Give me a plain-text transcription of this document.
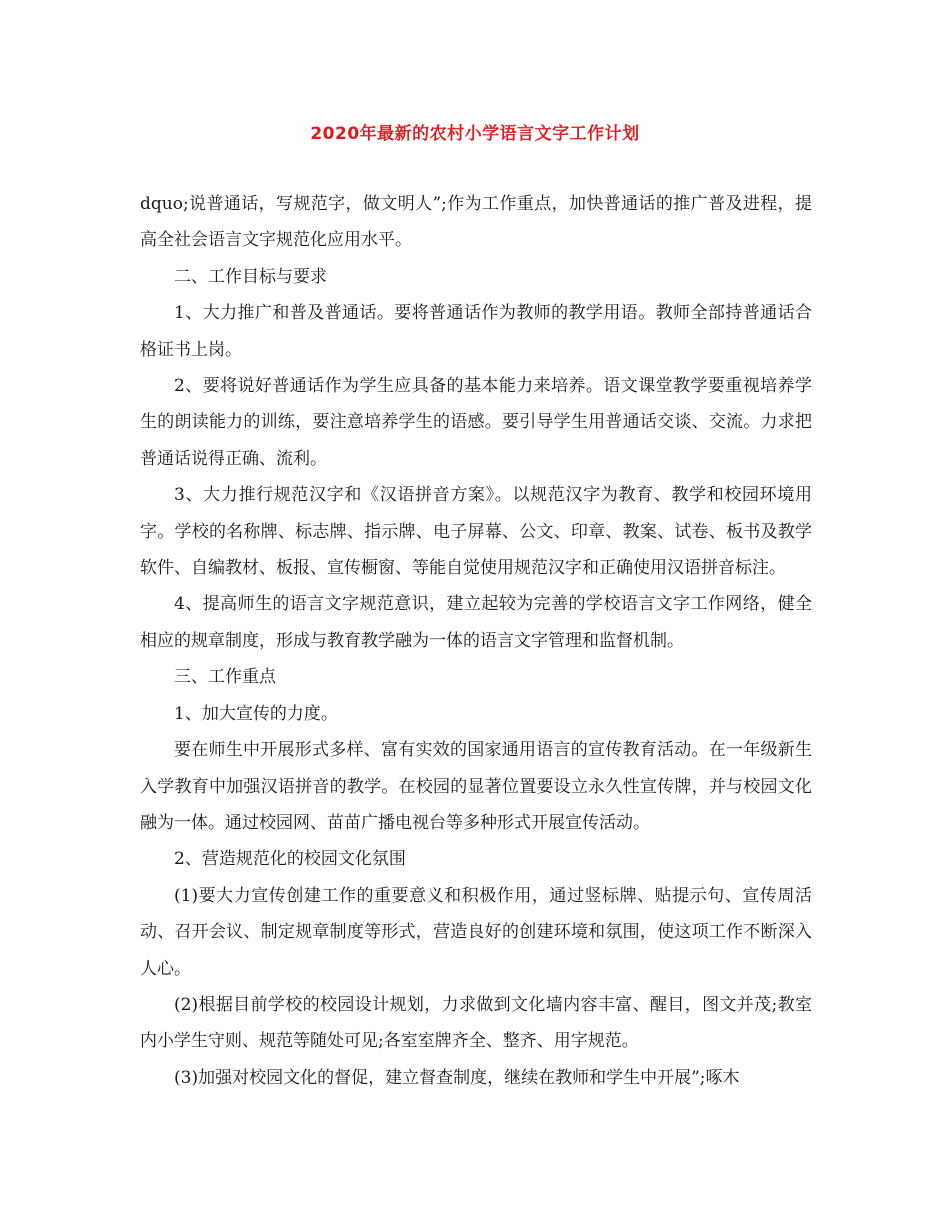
2020年最新的农村小学语言文字工作计划

dquo;说普通话，写规范字，做文明人”;作为工作重点，加快普通话的推广普及进程，提高全社会语言文字规范化应用水平。

二、工作目标与要求

1、大力推广和普及普通话。要将普通话作为教师的教学用语。教师全部持普通话合格证书上岗。

2、要将说好普通话作为学生应具备的基本能力来培养。语文课堂教学要重视培养学生的朗读能力的训练，要注意培养学生的语感。要引导学生用普通话交谈、交流。力求把普通话说得正确、流利。

3、大力推行规范汉字和《汉语拼音方案》。以规范汉字为教育、教学和校园环境用字。学校的名称牌、标志牌、指示牌、电子屏幕、公文、印章、教案、试卷、板书及教学软件、自编教材、板报、宣传橱窗、等能自觉使用规范汉字和正确使用汉语拼音标注。

4、提高师生的语言文字规范意识，建立起较为完善的学校语言文字工作网络，健全相应的规章制度，形成与教育教学融为一体的语言文字管理和监督机制。

三、工作重点

1、加大宣传的力度。

要在师生中开展形式多样、富有实效的国家通用语言的宣传教育活动。在一年级新生入学教育中加强汉语拼音的教学。在校园的显著位置要设立永久性宣传牌，并与校园文化融为一体。通过校园网、苗苗广播电视台等多种形式开展宣传活动。

2、营造规范化的校园文化氛围

(1)要大力宣传创建工作的重要意义和积极作用，通过竖标牌、贴提示句、宣传周活动、召开会议、制定规章制度等形式，营造良好的创建环境和氛围，使这项工作不断深入人心。

(2)根据目前学校的校园设计规划，力求做到文化墙内容丰富、醒目，图文并茂;教室内小学生守则、规范等随处可见;各室室牌齐全、整齐、用字规范。

(3)加强对校园文化的督促，建立督查制度，继续在教师和学生中开展”;啄木
